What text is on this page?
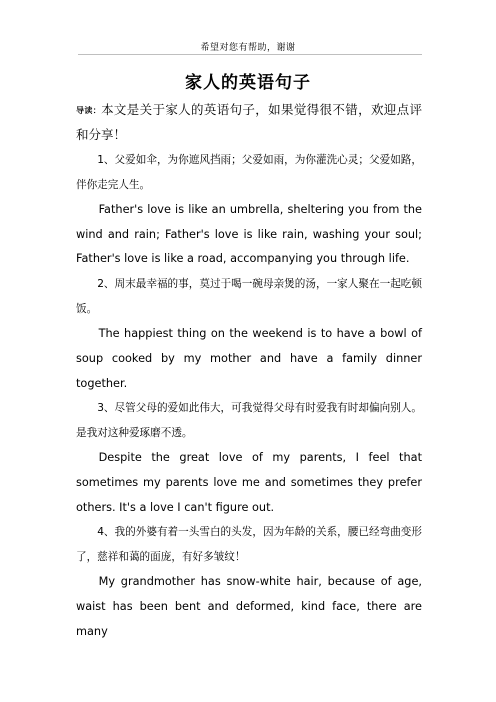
希望对您有帮助，谢谢
家人的英语句子

导读：本文是关于家人的英语句子，如果觉得很不错，欢迎点评和分享！

1、父爱如伞，为你遮风挡雨；父爱如雨，为你灌洗心灵；父爱如路，伴你走完人生。

Father's love is like an umbrella, sheltering you from the wind and rain; Father's love is like rain, washing your soul; Father's love is like a road, accompanying you through life.

2、周末最幸福的事，莫过于喝一碗母亲煲的汤，一家人聚在一起吃顿饭。

The happiest thing on the weekend is to have a bowl of soup cooked by my mother and have a family dinner together.

3、尽管父母的爱如此伟大，可我觉得父母有时爱我有时却偏向别人。是我对这种爱琢磨不透。

Despite the great love of my parents, I feel that sometimes my parents love me and sometimes they prefer others. It's a love I can't figure out.

4、我的外婆有着一头雪白的头发，因为年龄的关系，腰已经弯曲变形了，慈祥和蔼的面庞，有好多皱纹！

My grandmother has snow-white hair, because of age, waist has been bent and deformed, kind face, there are many
